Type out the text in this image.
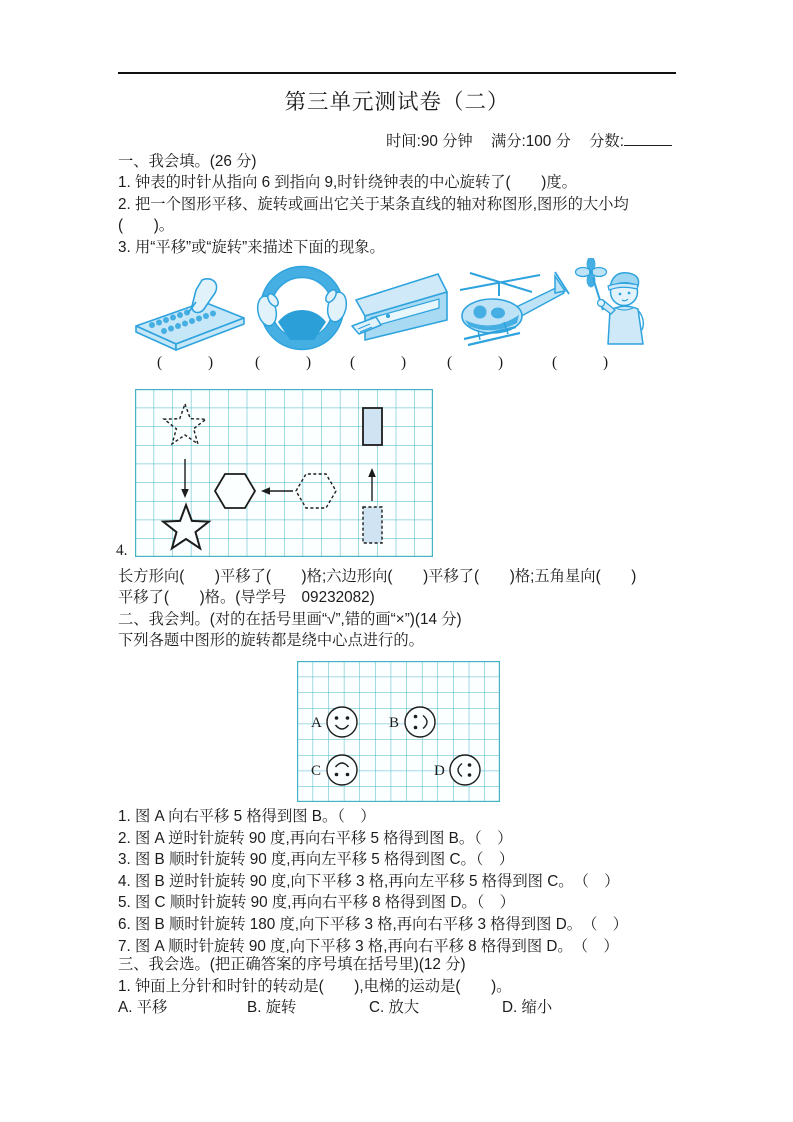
第三单元测试卷（二）
时间:90 分钟 满分:100 分 分数:
一、我会填。(26 分)
1. 钟表的时针从指向 6 到指向 9,时针绕钟表的中心旋转了(　　)度。
2. 把一个图形平移、旋转或画出它关于某条直线的轴对称图形,图形的大小均
(　　)。
3. 用“平移”或“旋转”来描述下面的现象。
(　　　)	(　　　)	(　　　)	(　　　)	(　　　)
4.
长方形向(　　)平移了(　　)格;六边形向(　　)平移了(　　)格;五角星向(　　)
平移了(　　)格。(导学号　09232082)
二、我会判。(对的在括号里画“√”,错的画“×”)(14 分)
下列各题中图形的旋转都是绕中心点进行的。
A	B
C	D
1. 图 A 向右平移 5 格得到图 B。（　）
2. 图 A 逆时针旋转 90 度,再向右平移 5 格得到图 B。（　）
3. 图 B 顺时针旋转 90 度,再向左平移 5 格得到图 C。（　）
4. 图 B 逆时针旋转 90 度,向下平移 3 格,再向左平移 5 格得到图 C。　（　）
5. 图 C 顺时针旋转 90 度,再向右平移 8 格得到图 D。（　）
6. 图 B 顺时针旋转 180 度,向下平移 3 格,再向右平移 3 格得到图 D。　（　）
7. 图 A 顺时针旋转 90 度,向下平移 3 格,再向右平移 8 格得到图 D。　（　）
三、我会选。(把正确答案的序号填在括号里)(12 分)
1. 钟面上分针和时针的转动是(　　),电梯的运动是(　　)。
A. 平移	B. 旋转	C. 放大	D. 缩小
